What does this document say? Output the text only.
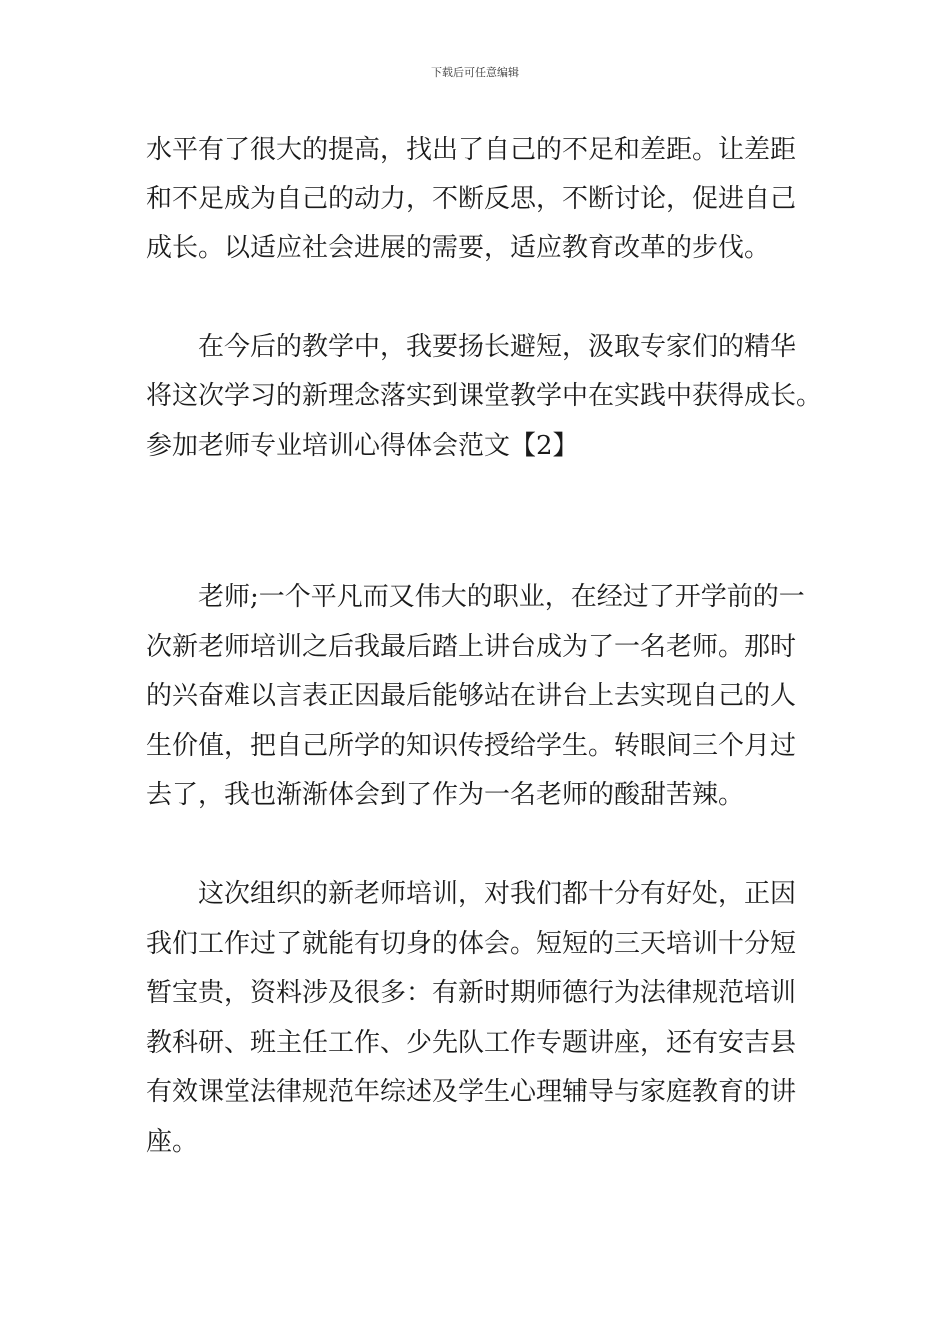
下载后可任意编辑
水平有了很大的提高，找出了自己的不足和差距。让差距
和不足成为自己的动力，不断反思，不断讨论，促进自己
成长。以适应社会进展的需要，适应教育改革的步伐。
在今后的教学中，我要扬长避短，汲取专家们的精华
将这次学习的新理念落实到课堂教学中在实践中获得成长。
参加老师专业培训心得体会范文【2】
老师;一个平凡而又伟大的职业，在经过了开学前的一
次新老师培训之后我最后踏上讲台成为了一名老师。那时
的兴奋难以言表正因最后能够站在讲台上去实现自己的人
生价值，把自己所学的知识传授给学生。转眼间三个月过
去了，我也渐渐体会到了作为一名老师的酸甜苦辣。
这次组织的新老师培训，对我们都十分有好处，正因
我们工作过了就能有切身的体会。短短的三天培训十分短
暂宝贵，资料涉及很多：有新时期师德行为法律规范培训
教科研、班主任工作、少先队工作专题讲座，还有安吉县
有效课堂法律规范年综述及学生心理辅导与家庭教育的讲
座。
